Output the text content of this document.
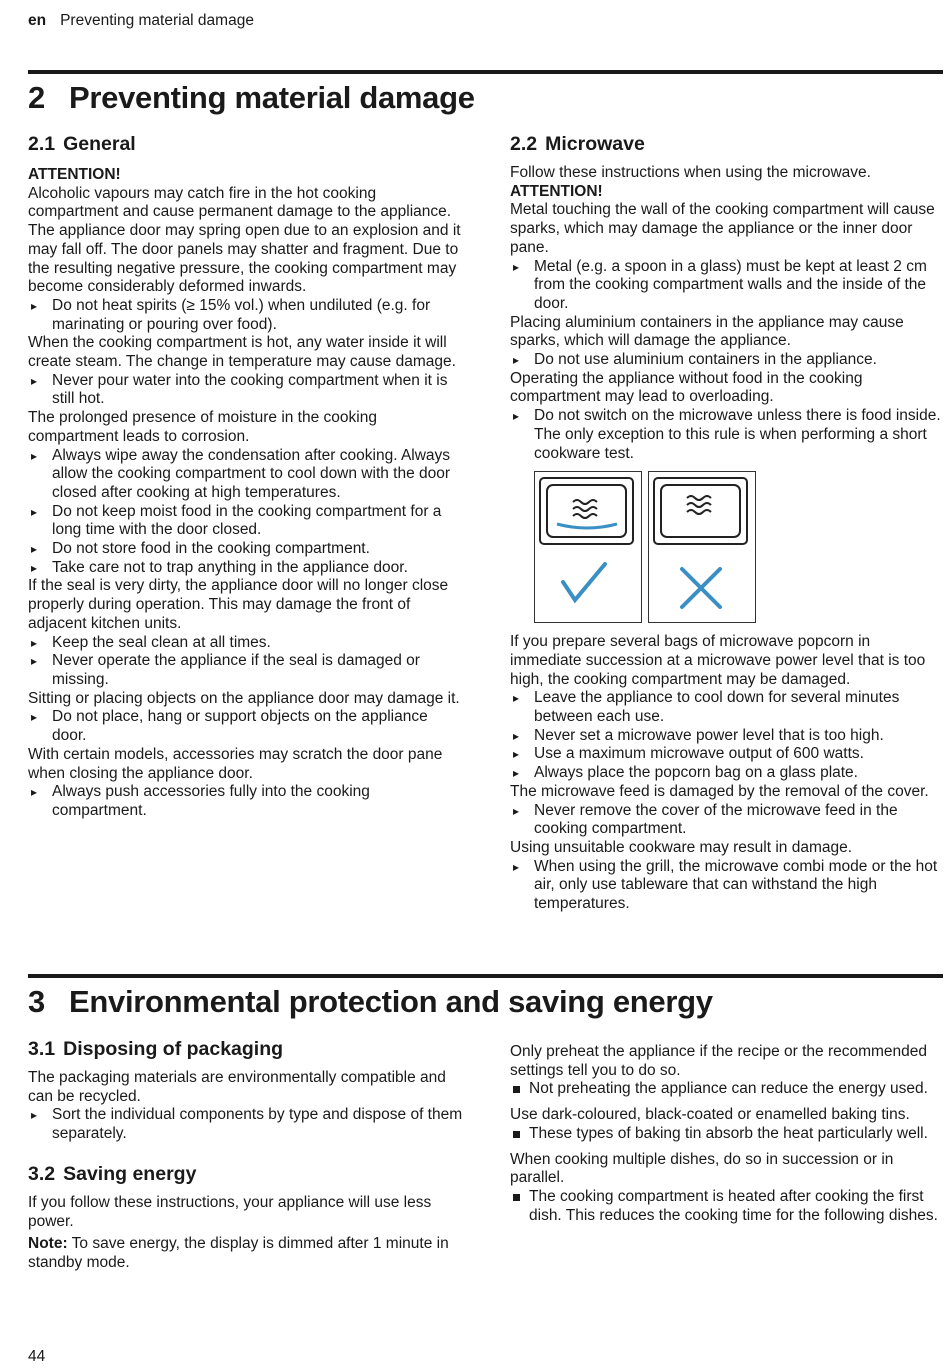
en Preventing material damage
2 Preventing material damage
2.1 General

ATTENTION!

Alcoholic vapours may catch fire in the hot cooking compartment and cause permanent damage to the appliance. The appliance door may spring open due to an explosion and it may fall off. The door panels may shatter and fragment. Due to the resulting negative pressure, the cooking compartment may become considerably deformed inwards.

▸ Do not heat spirits (≥ 15% vol.) when undiluted (e.g. for marinating or pouring over food).

When the cooking compartment is hot, any water inside it will create steam. The change in temperature may cause damage.

▸ Never pour water into the cooking compartment when it is still hot.

The prolonged presence of moisture in the cooking compartment leads to corrosion.

▸ Always wipe away the condensation after cooking. Always allow the cooking compartment to cool down with the door closed after cooking at high temperatures.

▸ Do not keep moist food in the cooking compartment for a long time with the door closed.

▸ Do not store food in the cooking compartment.

▸ Take care not to trap anything in the appliance door.

If the seal is very dirty, the appliance door will no longer close properly during operation. This may damage the front of adjacent kitchen units.

▸ Keep the seal clean at all times.

▸ Never operate the appliance if the seal is damaged or missing.

Sitting or placing objects on the appliance door may damage it.

▸ Do not place, hang or support objects on the appliance door.

With certain models, accessories may scratch the door pane when closing the appliance door.

▸ Always push accessories fully into the cooking compartment.

2.2 Microwave

Follow these instructions when using the microwave.

ATTENTION!

Metal touching the wall of the cooking compartment will cause sparks, which may damage the appliance or the inner door pane.

▸ Metal (e.g. a spoon in a glass) must be kept at least 2 cm from the cooking compartment walls and the inside of the door.

Placing aluminium containers in the appliance may cause sparks, which will damage the appliance.

▸ Do not use aluminium containers in the appliance.

Operating the appliance without food in the cooking compartment may lead to overloading.

▸ Do not switch on the microwave unless there is food inside. The only exception to this rule is when performing a short cookware test.

If you prepare several bags of microwave popcorn in immediate succession at a microwave power level that is too high, the cooking compartment may be damaged.

▸ Leave the appliance to cool down for several minutes between each use.

▸ Never set a microwave power level that is too high.

▸ Use a maximum microwave output of 600 watts.

▸ Always place the popcorn bag on a glass plate.

The microwave feed is damaged by the removal of the cover.

▸ Never remove the cover of the microwave feed in the cooking compartment.

Using unsuitable cookware may result in damage.

▸ When using the grill, the microwave combi mode or the hot air, only use tableware that can withstand the high temperatures.

3 Environmental protection and saving energy
3.1 Disposing of packaging

The packaging materials are environmentally compatible and can be recycled.

▸ Sort the individual components by type and dispose of them separately.

3.2 Saving energy

If you follow these instructions, your appliance will use less power.

Note: To save energy, the display is dimmed after 1 minute in standby mode.

Only preheat the appliance if the recipe or the recommended settings tell you to do so.

Not preheating the appliance can reduce the energy used.

Use dark-coloured, black-coated or enamelled baking tins.

These types of baking tin absorb the heat particularly well.

When cooking multiple dishes, do so in succession or in parallel.

The cooking compartment is heated after cooking the first dish. This reduces the cooking time for the following dishes.

44
